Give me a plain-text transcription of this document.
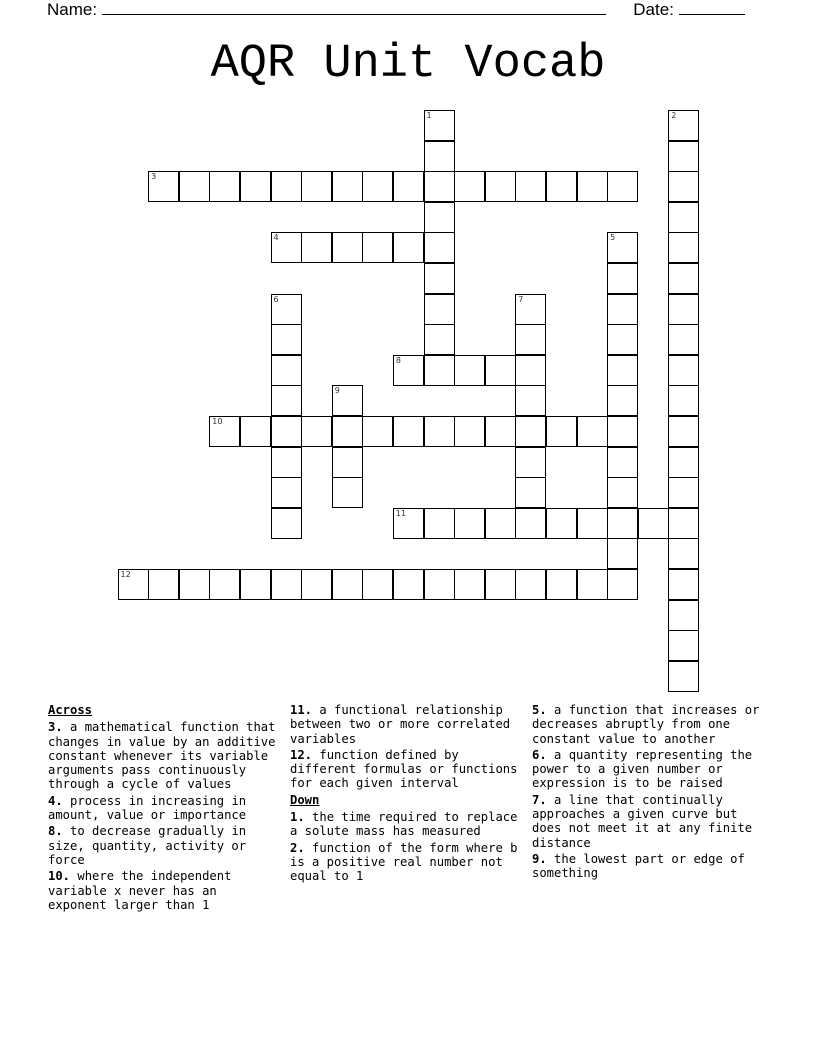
Name:	Date:
AQR Unit Vocab
1	2
3
4	5
6	7
8
9
10
11
12
Across
3. a mathematical function that changes in value by an additive constant whenever its variable arguments pass continuously through a cycle of values
4. process in increasing in amount, value or importance
8. to decrease gradually in size, quantity, activity or force
10. where the independent variable x never has an exponent larger than 1
11. a functional relationship between two or more correlated variables
12. function defined by different formulas or functions for each given interval
Down
1. the time required to replace a solute mass has measured
2. function of the form where b is a positive real number not equal to 1
5. a function that increases or decreases abruptly from one constant value to another
6. a quantity representing the power to a given number or expression is to be raised
7. a line that continually approaches a given curve but does not meet it at any finite distance
9. the lowest part or edge of something
